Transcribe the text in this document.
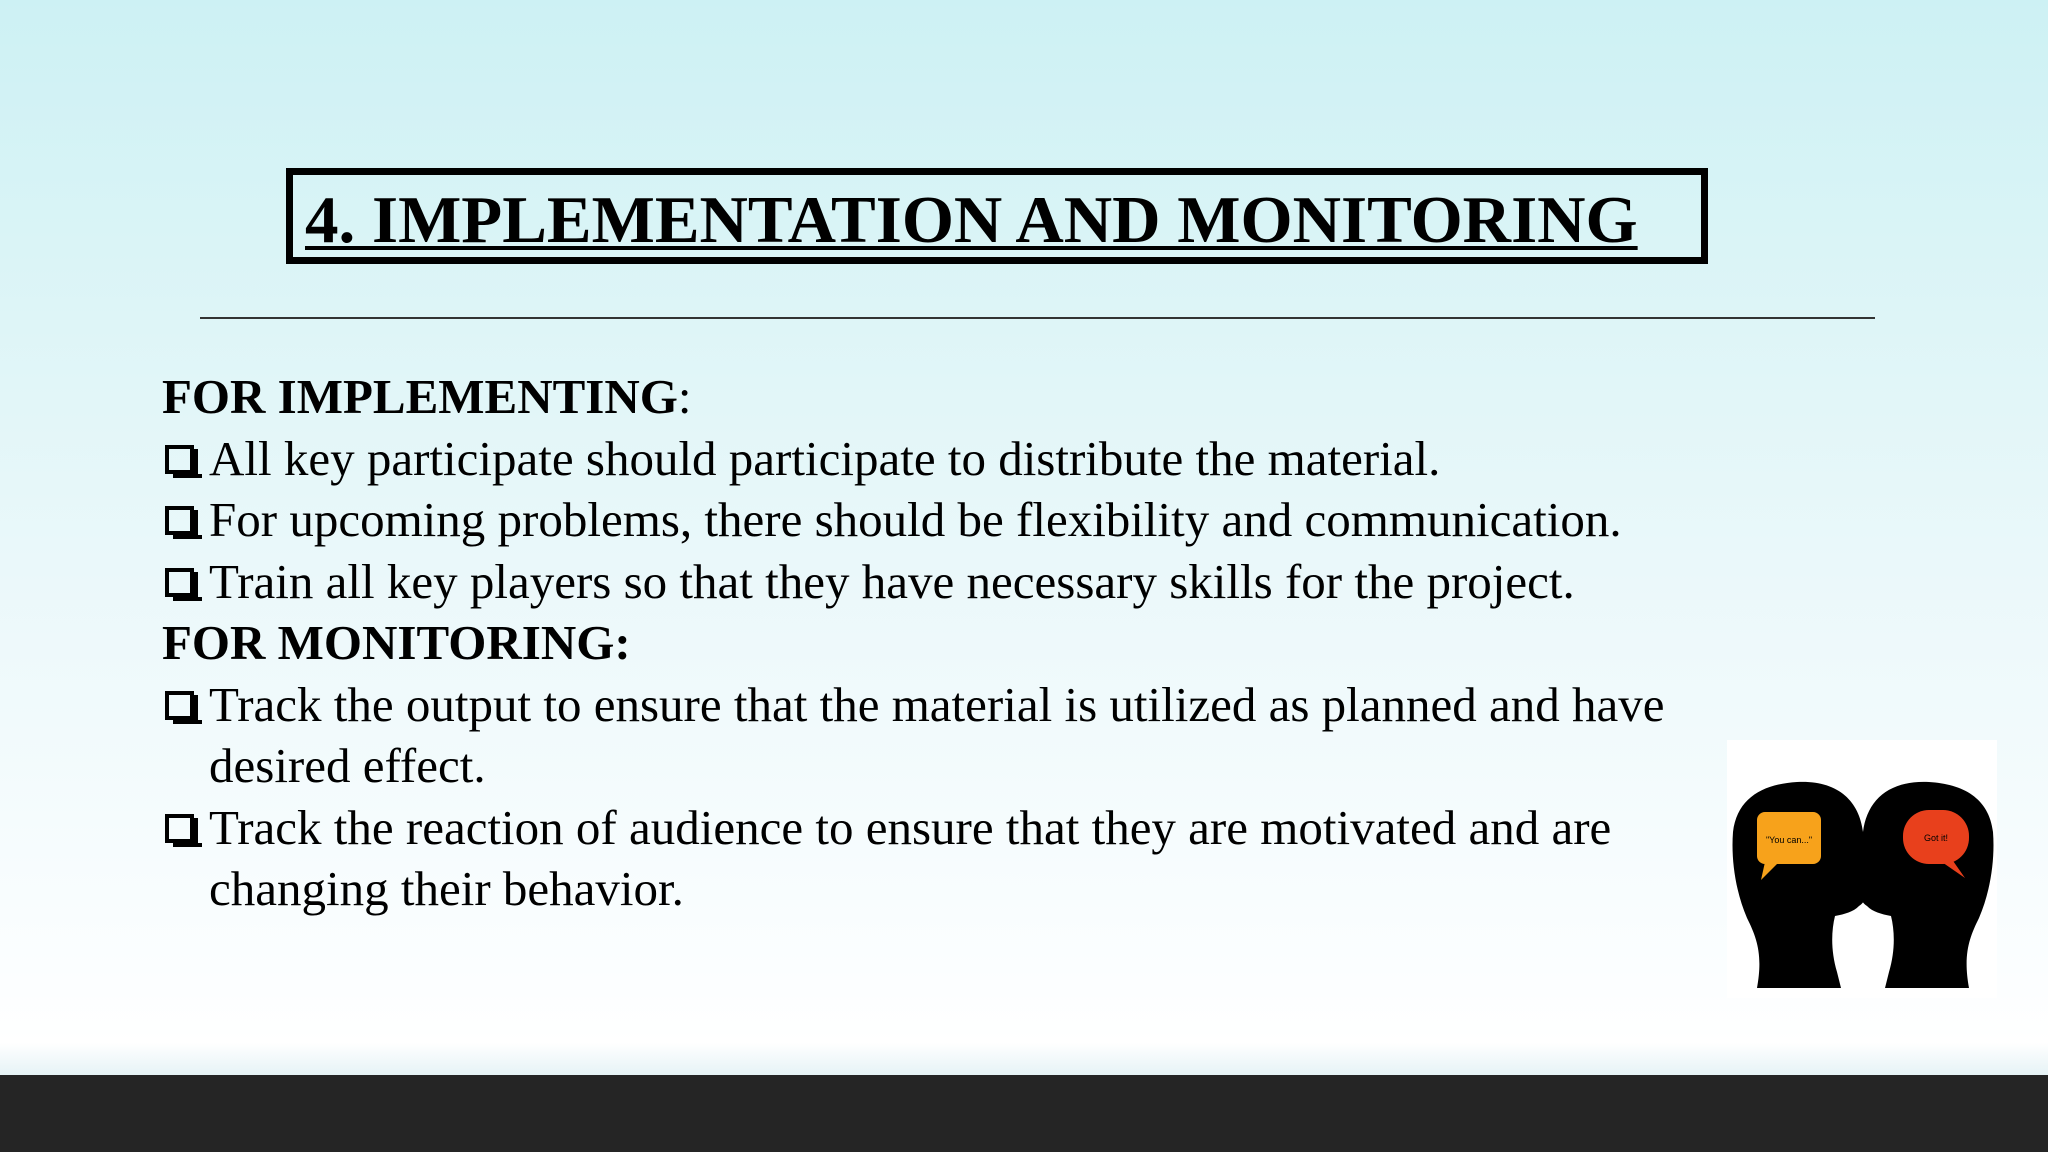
4. IMPLEMENTATION AND MONITORING
FOR IMPLEMENTING:
All key participate should participate to distribute the material.
For upcoming problems, there should be flexibility and communication.
Train all key players so that they have necessary skills for the project.
FOR MONITORING:
Track the output to ensure that the material is utilized as planned and have desired effect.
Track the reaction of audience to ensure that they are motivated and are changing their behavior.
"You can..."	Got it!
